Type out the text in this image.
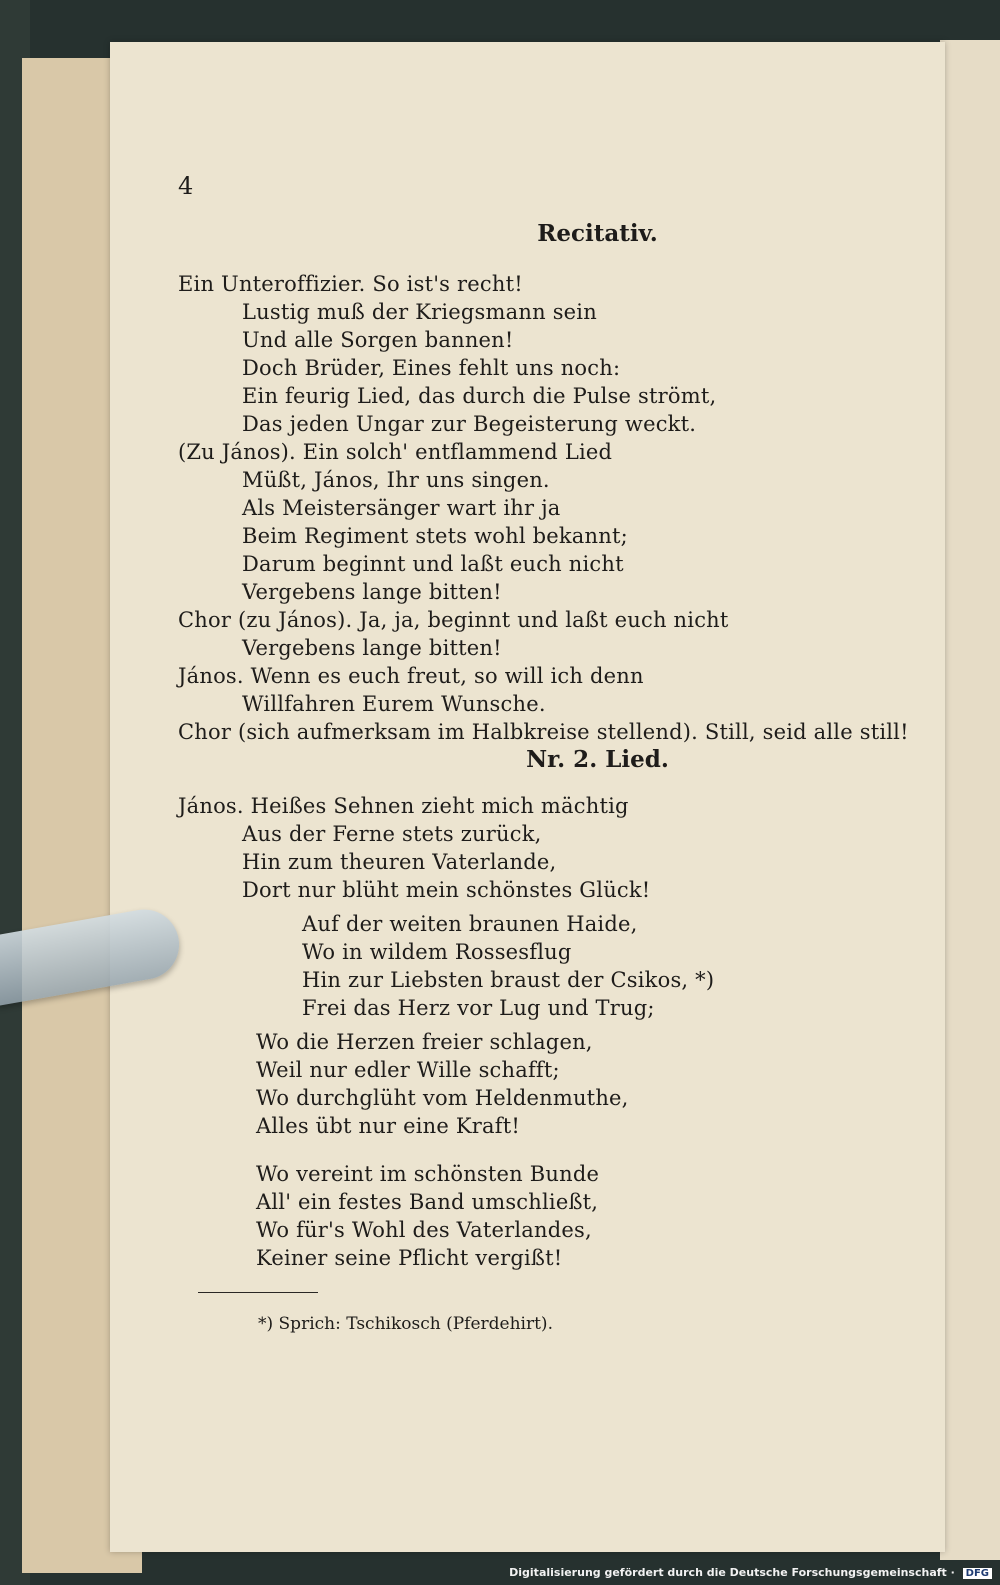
4
Recitativ.
Ein Unteroffizier. So ist's recht!
Lustig muß der Kriegsmann sein
Und alle Sorgen bannen!
Doch Brüder, Eines fehlt uns noch:
Ein feurig Lied, das durch die Pulse strömt,
Das jeden Ungar zur Begeisterung weckt.
(Zu János). Ein solch' entflammend Lied
Müßt, János, Ihr uns singen.
Als Meistersänger wart ihr ja
Beim Regiment stets wohl bekannt;
Darum beginnt und laßt euch nicht
Vergebens lange bitten!
Chor (zu János). Ja, ja, beginnt und laßt euch nicht
Vergebens lange bitten!
János. Wenn es euch freut, so will ich denn
Willfahren Eurem Wunsche.
Chor (sich aufmerksam im Halbkreise stellend). Still, seid alle still!
Nr. 2. Lied.
János. Heißes Sehnen zieht mich mächtig
Aus der Ferne stets zurück,
Hin zum theuren Vaterlande,
Dort nur blüht mein schönstes Glück!
Auf der weiten braunen Haide,
Wo in wildem Rossesflug
Hin zur Liebsten braust der Csikos, *)
Frei das Herz vor Lug und Trug;
Wo die Herzen freier schlagen,
Weil nur edler Wille schafft;
Wo durchglüht vom Heldenmuthe,
Alles übt nur eine Kraft!
Wo vereint im schönsten Bunde
All' ein festes Band umschließt,
Wo für's Wohl des Vaterlandes,
Keiner seine Pflicht vergißt!
*) Sprich: Tschikosch (Pferdehirt).
Digitalisierung gefördert durch die Deutsche Forschungsgemeinschaft · DFG
